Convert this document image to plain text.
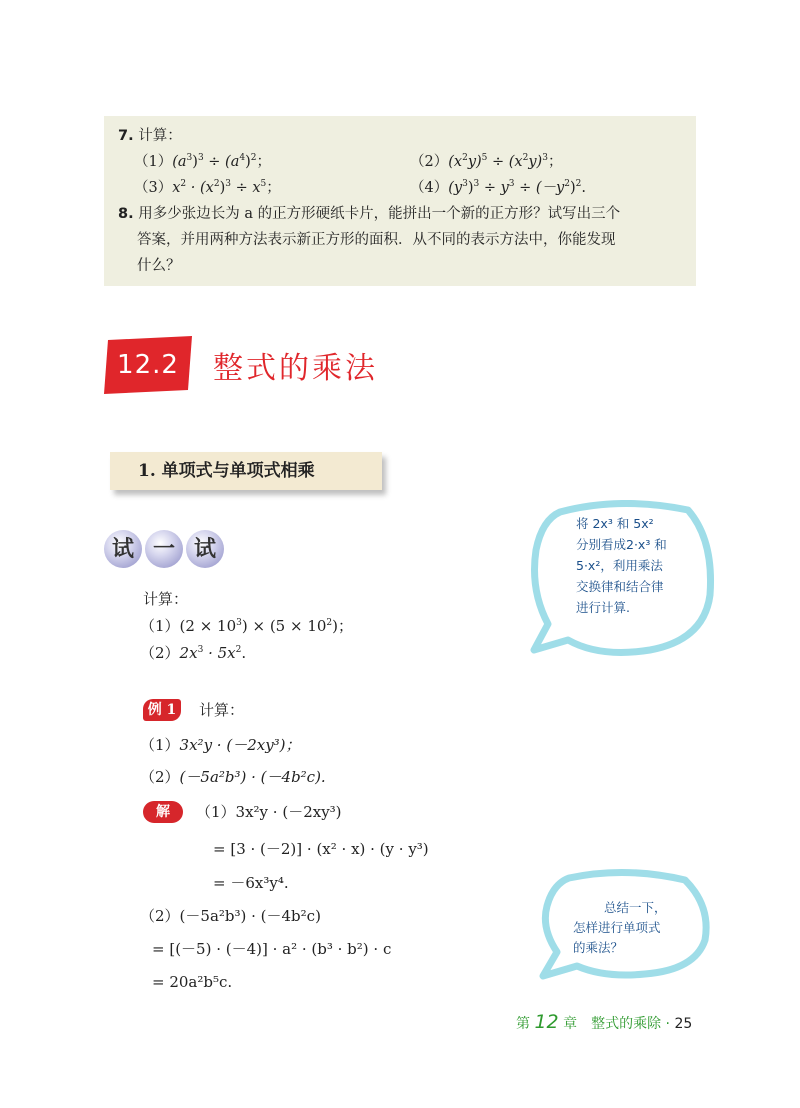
7. 计算：
$(1)(a^3)^3 \div (a^4)^2$；	$(2)(x^2y)^5 \div (x^2y)^3$；
$(3)x^2 \cdot (x^2)^3 \div x^5$；	$(4)(y^3)^3 \div y^3 \div (-y^2)^2$.
8. 用多少张边长为 a 的正方形硬纸卡片，能拼出一个新的正方形？试写出三个
答案，并用两种方法表示新正方形的面积．从不同的表示方法中，你能发现
什么？
12.2	整式的乘法
1. 单项式与单项式相乘
试 一 试
计算：
$(1)(2 \times 10^3) \times (5 \times 10^2)$；
$(2)2x^3 \cdot 5x^2$.
将 2x³ 和 5x²
分别看成2·x³ 和
5·x²，利用乘法
交换律和结合律
进行计算.
例 1	计算：
（1）3x²y · (－2xy³)；
（2）(－5a²b³) · (－4b²c).
解	（1）3x²y · (－2xy³)
= [3 · (－2)] · (x² · x) · (y · y³)
= －6x³y⁴.
（2）(－5a²b³) · (－4b²c)
= [(－5) · (－4)] · a² · (b³ · b²) · c
= 20a²b⁵c.
总结一下，
怎样进行单项式
的乘法？
第 12 章　整式的乘除 · 25
